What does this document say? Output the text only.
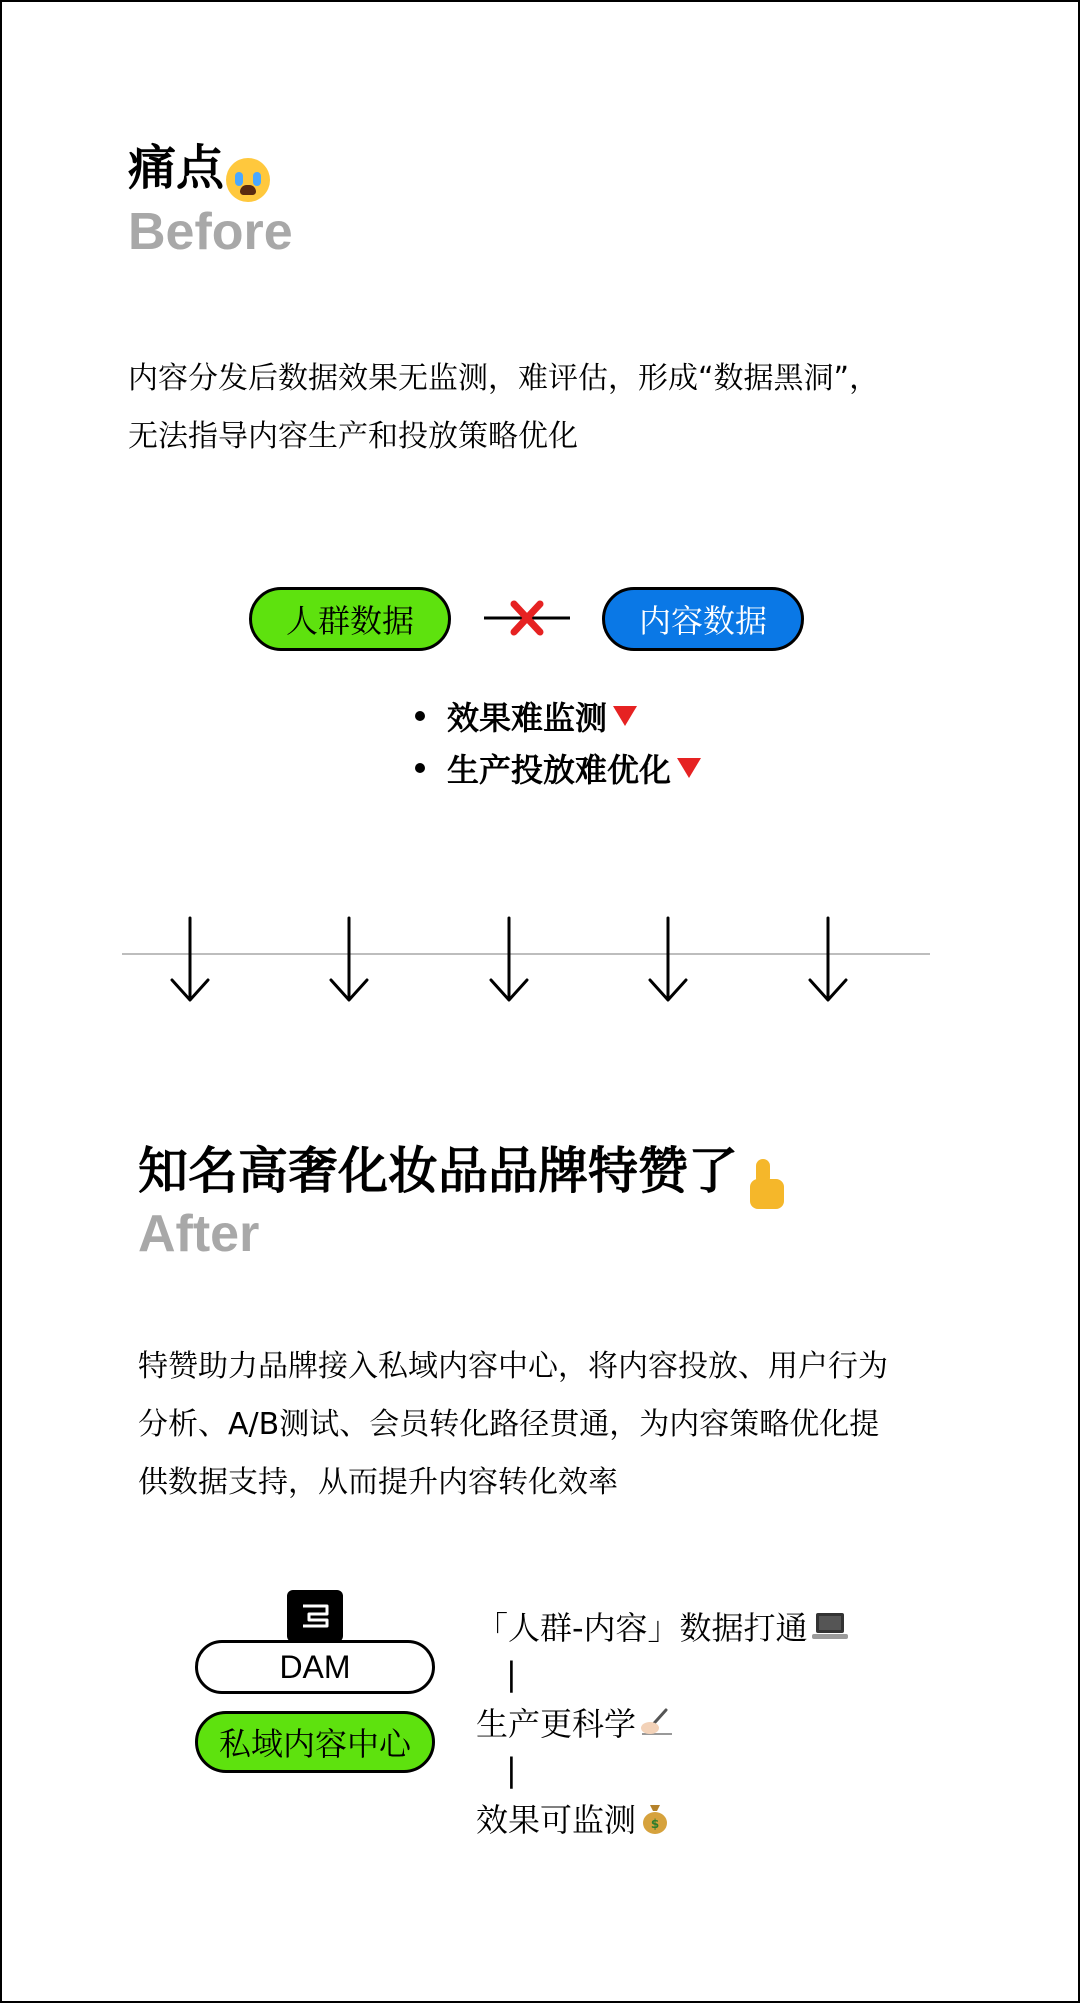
痛点
Before
内容分发后数据效果无监测，难评估，形成“数据黑洞”，
无法指导内容生产和投放策略优化
人群数据	内容数据
效果难监测
生产投放难优化
知名高奢化妆品品牌特赞了
After
特赞助力品牌接入私域内容中心，将内容投放、用户行为
分析、A/B测试、会员转化路径贯通，为内容策略优化提
供数据支持，从而提升内容转化效率
DAM
私域内容中心
「人群-内容」数据打通
|
生产更科学
|
效果可监测 $
